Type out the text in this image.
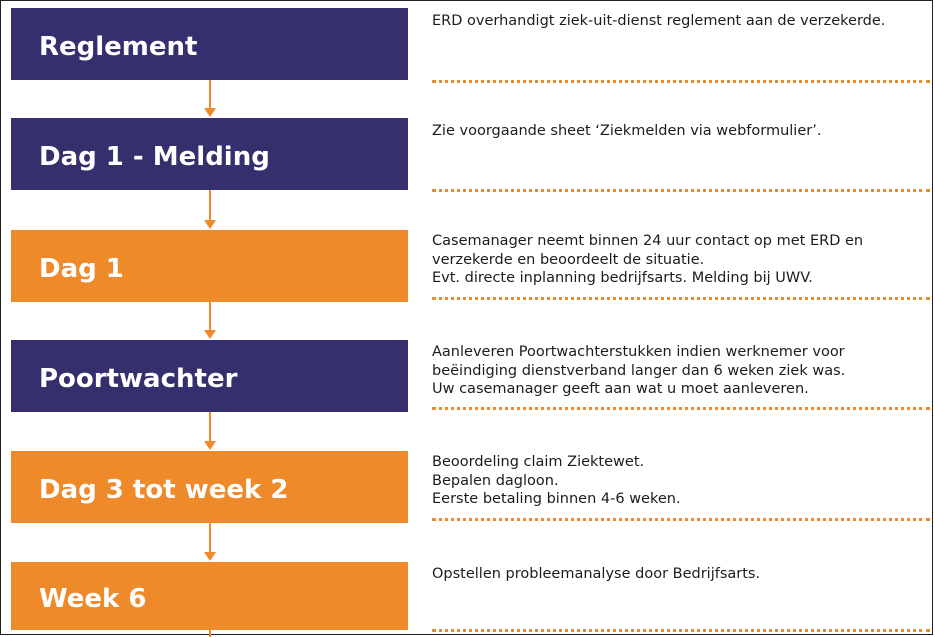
Reglement
Dag 1 - Melding
Dag 1
Poortwachter
Dag 3 tot week 2
Week 6
ERD overhandigt ziek-uit-dienst reglement aan de verzekerde.
Zie voorgaande sheet ‘Ziekmelden via webformulier’.
Casemanager neemt binnen 24 uur contact op met ERD en
verzekerde en beoordeelt de situatie.
Evt. directe inplanning bedrijfsarts. Melding bij UWV.
Aanleveren Poortwachterstukken indien werknemer voor
beëindiging dienstverband langer dan 6 weken ziek was.
Uw casemanager geeft aan wat u moet aanleveren.
Beoordeling claim Ziektewet.
Bepalen dagloon.
Eerste betaling binnen 4-6 weken.
Opstellen probleemanalyse door Bedrijfsarts.
